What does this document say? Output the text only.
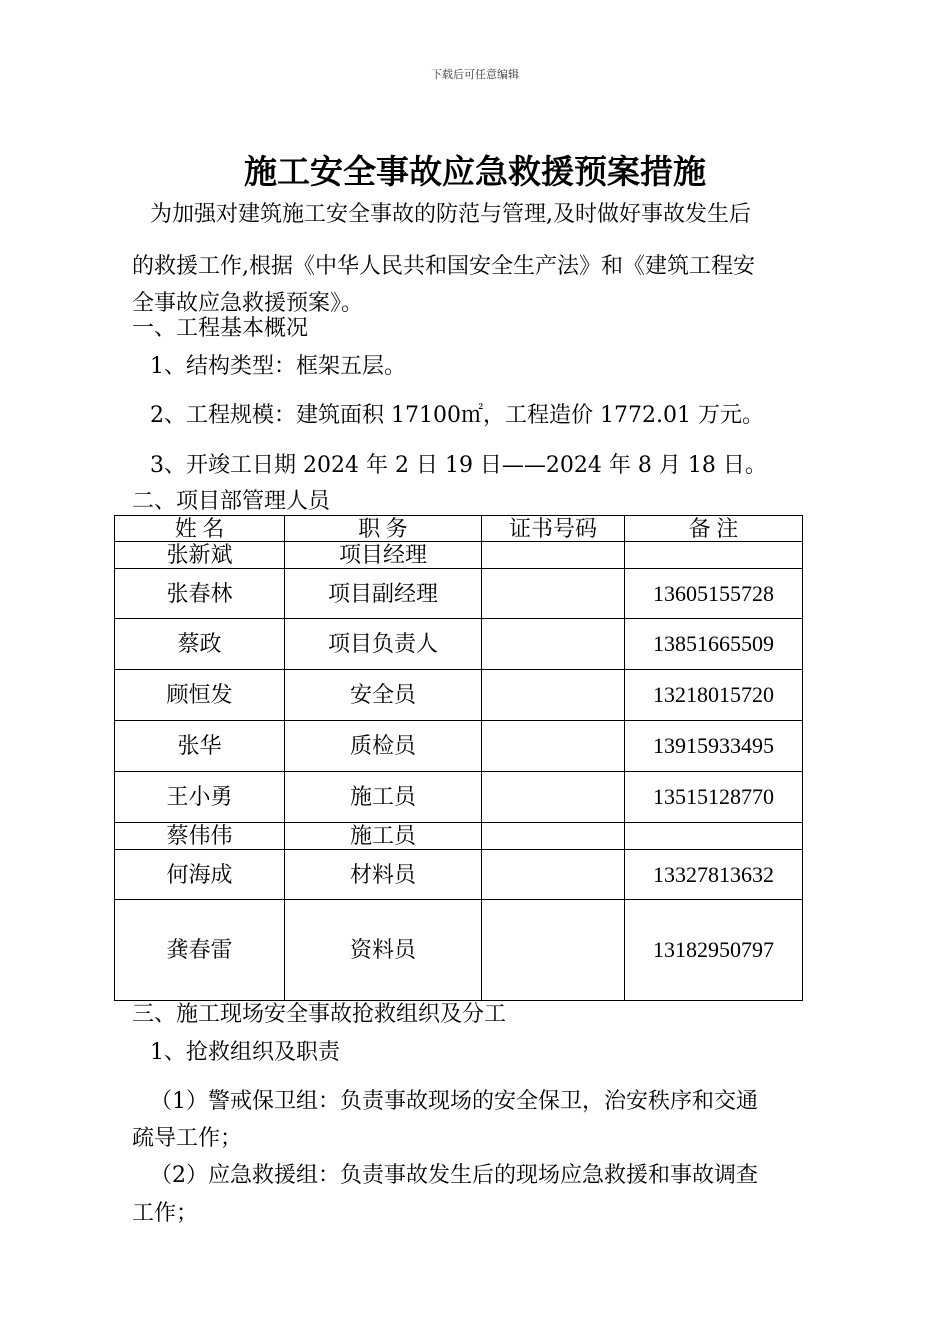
下载后可任意编辑
施工安全事故应急救援预案措施
为加强对建筑施工安全事故的防范与管理,及时做好事故发生后
的救援工作,根据《中华人民共和国安全生产法》和《建筑工程安
全事故应急救援预案》。
一、工程基本概况
1、结构类型：框架五层。
2、工程规模：建筑面积 17100㎡，工程造价 1772.01 万元。
3、开竣工日期 2024 年 2 日 19 日——2024 年 8 月 18 日。
二、项目部管理人员
姓 名	职 务	证书号码	备 注
张新斌	项目经理		
张春林	项目副经理		13605155728
蔡政	项目负责人		13851665509
顾恒发	安全员		13218015720
张华	质检员		13915933495
王小勇	施工员		13515128770
蔡伟伟	施工员		
何海成	材料员		13327813632
龚春雷	资料员		13182950797
三、施工现场安全事故抢救组织及分工
1、抢救组织及职责
（1）警戒保卫组：负责事故现场的安全保卫，治安秩序和交通
疏导工作；
（2）应急救援组：负责事故发生后的现场应急救援和事故调查
工作；
